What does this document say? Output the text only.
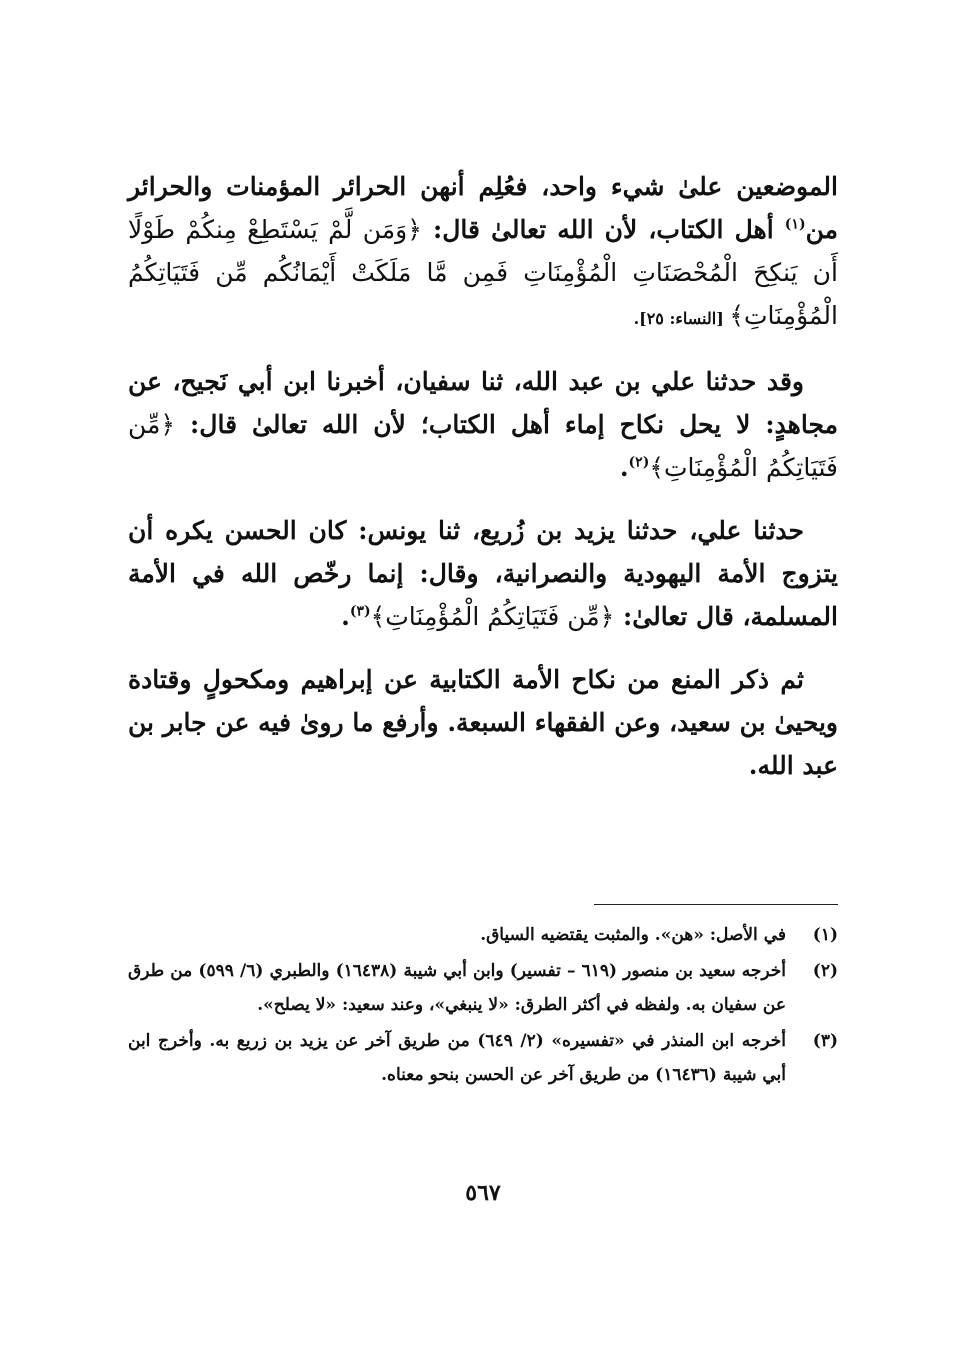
الموضعين علىٰ شيء واحد، فعُلِم أنهن الحرائر المؤمنات والحرائر من$^{(١)}$ أهل الكتاب، لأن الله تعالىٰ قال: ﴿وَمَن لَّمْ يَسْتَطِعْ مِنكُمْ طَوْلًا أَن يَنكِحَ الْمُحْصَنَاتِ الْمُؤْمِنَاتِ فَمِن مَّا مَلَكَتْ أَيْمَانُكُم مِّن فَتَيَاتِكُمُ الْمُؤْمِنَاتِ﴾ [النساء: ٢٥].

وقد حدثنا علي بن عبد الله، ثنا سفيان، أخبرنا ابن أبي نَجيح، عن مجاهدٍ: لا يحل نكاح إماء أهل الكتاب؛ لأن الله تعالىٰ قال: ﴿مِّن فَتَيَاتِكُمُ الْمُؤْمِنَاتِ﴾$^{(٢)}$.

حدثنا علي، حدثنا يزيد بن زُريع، ثنا يونس: كان الحسن يكره أن يتزوج الأمة اليهودية والنصرانية، وقال: إنما رخّص الله في الأمة المسلمة، قال تعالىٰ: ﴿مِّن فَتَيَاتِكُمُ الْمُؤْمِنَاتِ﴾$^{(٣)}$.

ثم ذكر المنع من نكاح الأمة الكتابية عن إبراهيم ومكحولٍ وقتادة ويحيىٰ بن سعيد، وعن الفقهاء السبعة. وأرفع ما روىٰ فيه عن جابر بن عبد الله.

(١)
في الأصل: «هن». والمثبت يقتضيه السياق.
(٢)
أخرجه سعيد بن منصور (٦١٩ – تفسير) وابن أبي شيبة (١٦٤٣٨) والطبري (٦/ ٥٩٩) من طرق عن سفيان به. ولفظه في أكثر الطرق: «لا ينبغي»، وعند سعيد: «لا يصلح».
(٣)
أخرجه ابن المنذر في «تفسيره» (٢/ ٦٤٩) من طريق آخر عن يزيد بن زريع به. وأخرج ابن أبي شيبة (١٦٤٣٦) من طريق آخر عن الحسن بنحو معناه.
٥٦٧
